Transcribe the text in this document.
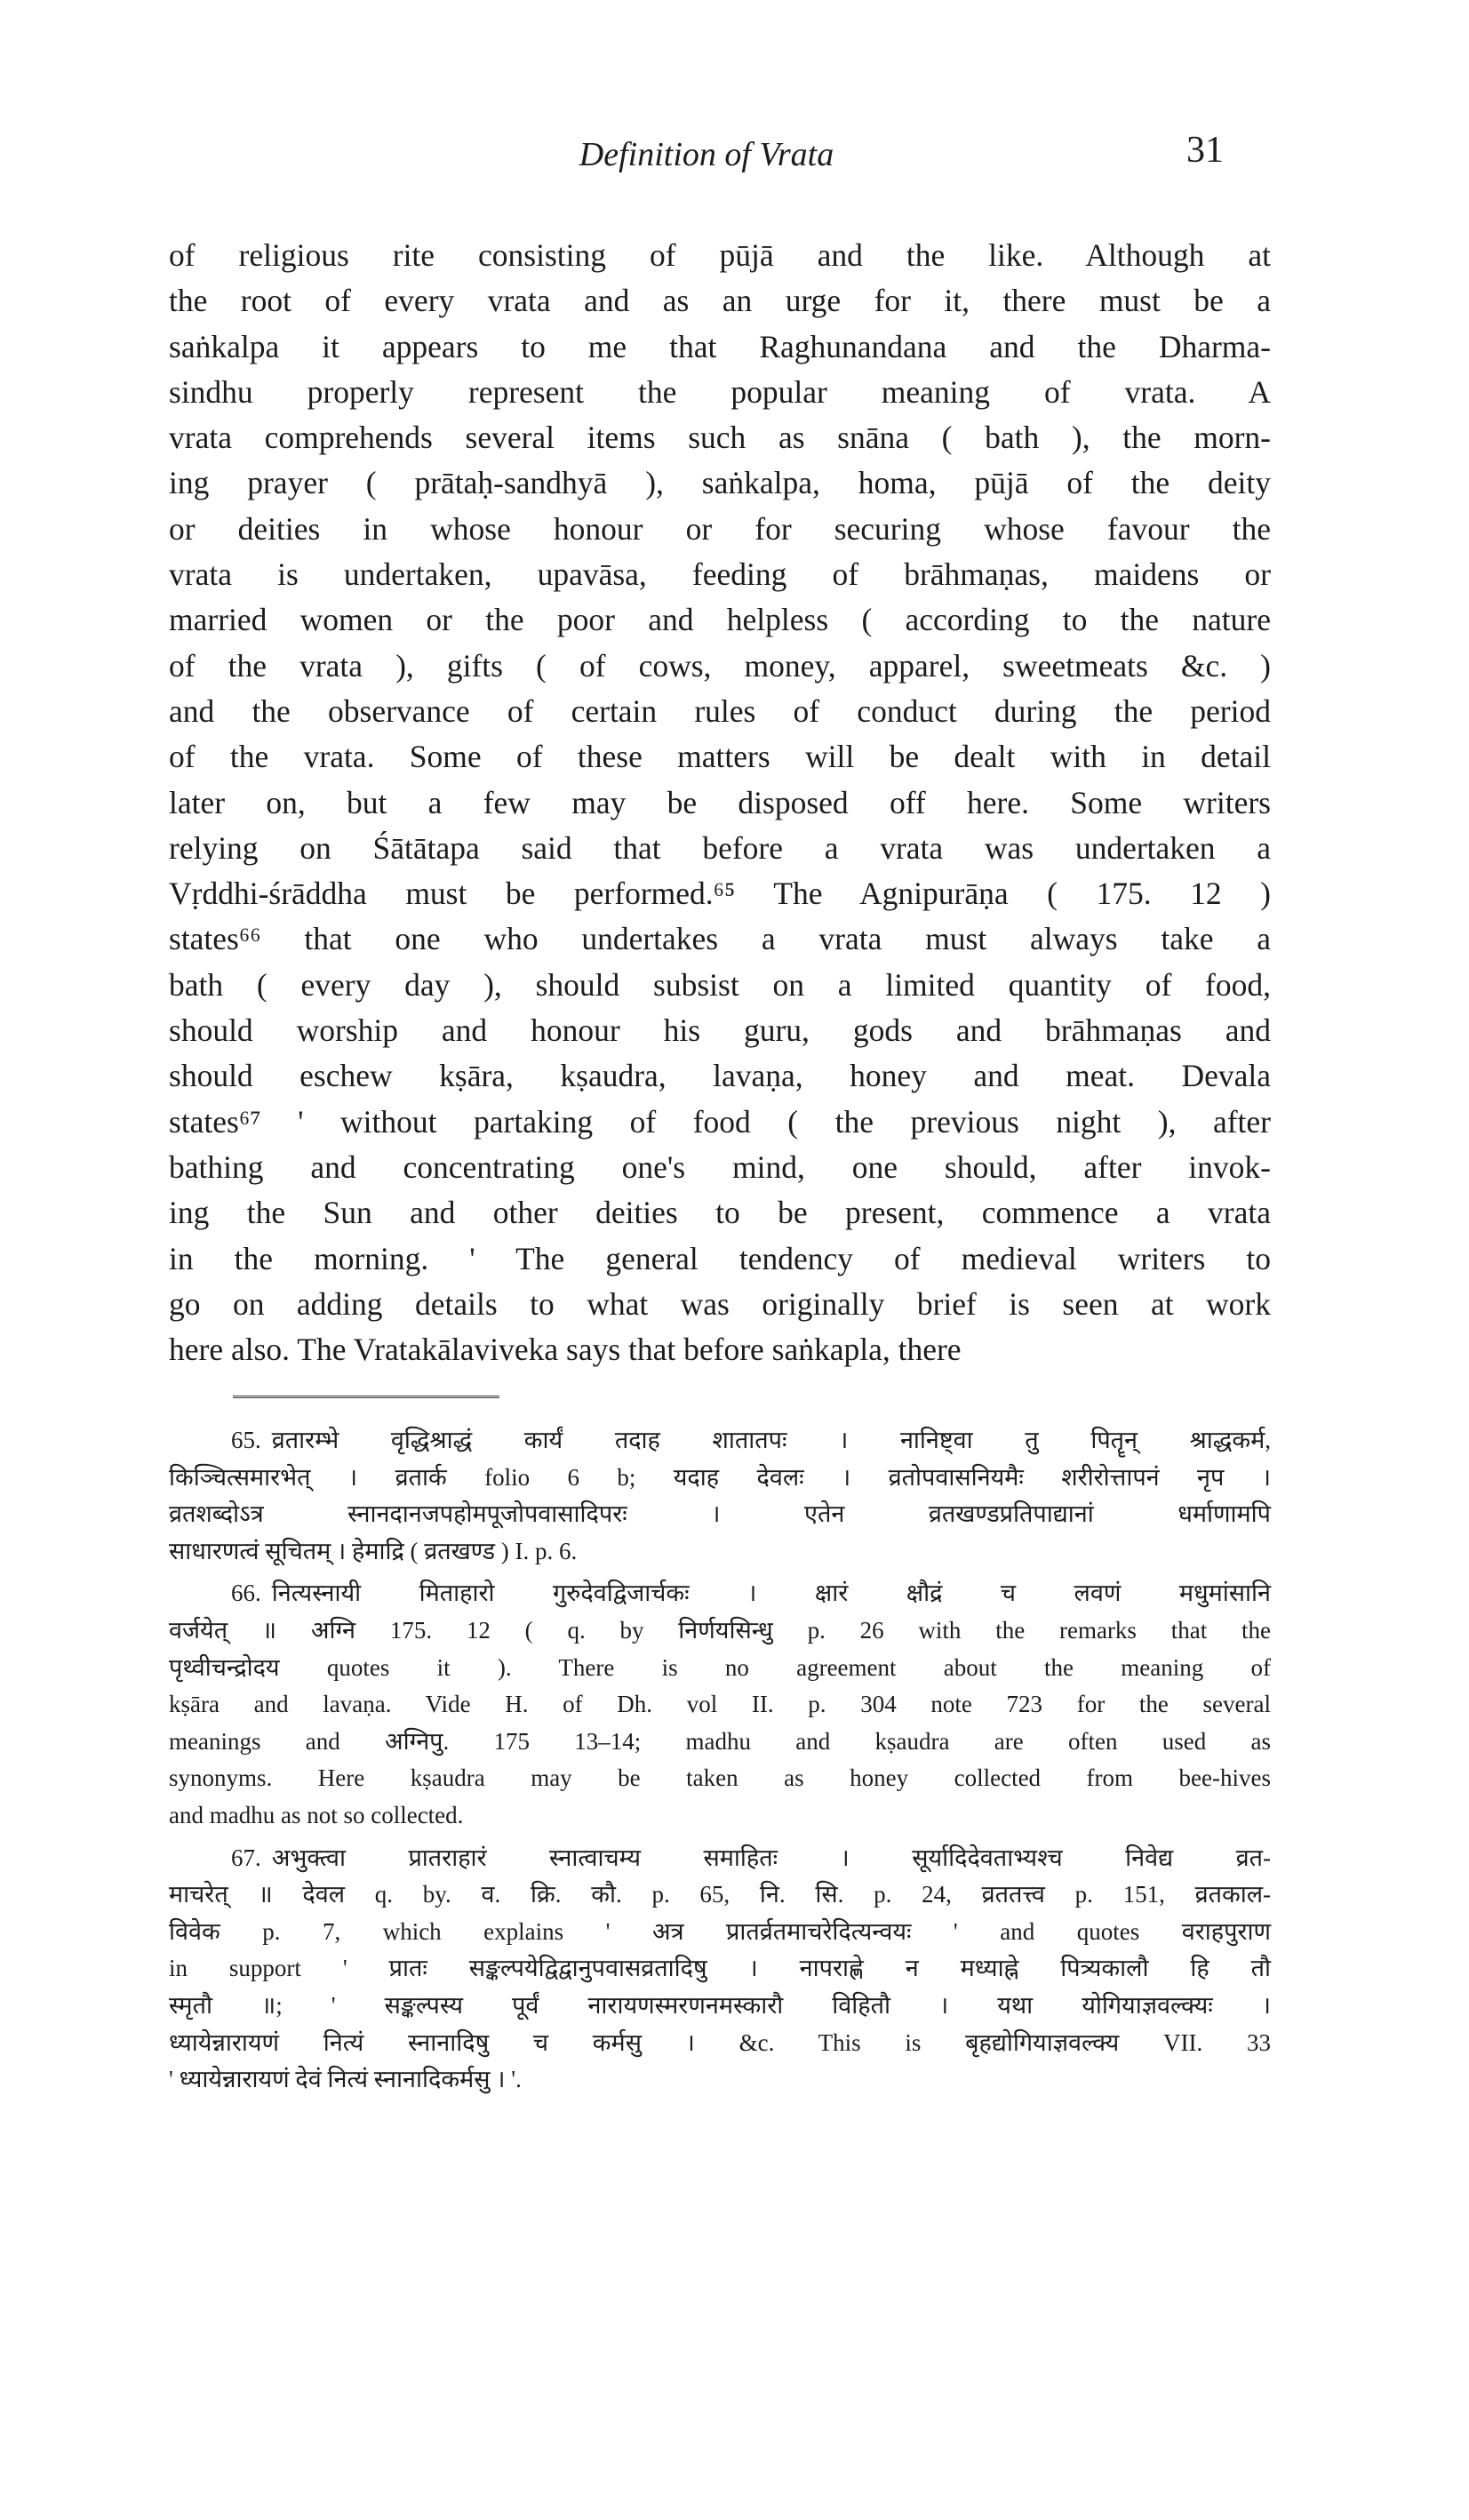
Definition of Vrata	31
of religious rite consisting of pūjā and the like. Although at
the root of every vrata and as an urge for it, there must be a
saṅkalpa it appears to me that Raghunandana and the Dharma-
sindhu properly represent the popular meaning of vrata. A
vrata comprehends several items such as snāna ( bath ), the morn-
ing prayer ( prātaḥ-sandhyā ), saṅkalpa, homa, pūjā of the deity
or deities in whose honour or for securing whose favour the
vrata is undertaken, upavāsa, feeding of brāhmaṇas, maidens or
married women or the poor and helpless ( according to the nature
of the vrata ), gifts ( of cows, money, apparel, sweetmeats &c. )
and the observance of certain rules of conduct during the period
of the vrata. Some of these matters will be dealt with in detail
later on, but a few may be disposed off here. Some writers
relying on Śātātapa said that before a vrata was undertaken a
Vṛddhi-śrāddha must be performed.⁶⁵ The Agnipurāṇa ( 175. 12 )
states⁶⁶ that one who undertakes a vrata must always take a
bath ( every day ), should subsist on a limited quantity of food,
should worship and honour his guru, gods and brāhmaṇas and
should eschew kṣāra, kṣaudra, lavaṇa, honey and meat. Devala
states⁶⁷ ' without partaking of food ( the previous night ), after
bathing and concentrating one's mind, one should, after invok-
ing the Sun and other deities to be present, commence a vrata
in the morning. ' The general tendency of medieval writers to
go on adding details to what was originally brief is seen at work
here also. The Vratakālaviveka says that before saṅkapla, there
65. व्रतारम्भे वृद्धिश्राद्धं कार्यं तदाह शातातपः । नानिष्ट्वा तु पितॄन् श्राद्धकर्म,
किञ्चित्समारभेत् । व्रतार्क folio 6 b; यदाह देवलः । व्रतोपवासनियमैः शरीरोत्तापनं नृप ।
व्रतशब्दोऽत्र स्नानदानजपहोमपूजोपवासादिपरः । एतेन व्रतखण्डप्रतिपाद्यानां धर्माणामपि
साधारणत्वं सूचितम् । हेमाद्रि ( व्रतखण्ड ) I. p. 6.
66. नित्यस्नायी मिताहारो गुरुदेवद्विजार्चकः । क्षारं क्षौद्रं च लवणं मधुमांसानि
वर्जयेत् ॥ अग्नि 175. 12 ( q. by निर्णयसिन्धु p. 26 with the remarks that the
पृथ्वीचन्द्रोदय quotes it ). There is no agreement about the meaning of
kṣāra and lavaṇa. Vide H. of Dh. vol II. p. 304 note 723 for the several
meanings and अग्निपु. 175 13–14; madhu and kṣaudra are often used as
synonyms. Here kṣaudra may be taken as honey collected from bee-hives
and madhu as not so collected.
67. अभुक्त्वा प्रातराहारं स्नात्वाचम्य समाहितः । सूर्यादिदेवताभ्यश्च निवेद्य व्रत-
माचरेत् ॥ देवल q. by. व. क्रि. कौ. p. 65, नि. सि. p. 24, व्रततत्त्व p. 151, व्रतकाल-
विवेक p. 7, which explains ' अत्र प्रातर्व्रतमाचरेदित्यन्वयः ' and quotes वराहपुराण
in support ' प्रातः सङ्कल्पयेद्विद्वानुपवासव्रतादिषु । नापराह्णे न मध्याह्ने पित्र्यकालौ हि तौ
स्मृतौ ॥; ' सङ्कल्पस्य पूर्वं नारायणस्मरणनमस्कारौ विहितौ । यथा योगियाज्ञवल्क्यः ।
ध्यायेन्नारायणं नित्यं स्नानादिषु च कर्मसु । &c. This is बृहद्योगियाज्ञवल्क्य VII. 33
' ध्यायेन्नारायणं देवं नित्यं स्नानादिकर्मसु । '.
